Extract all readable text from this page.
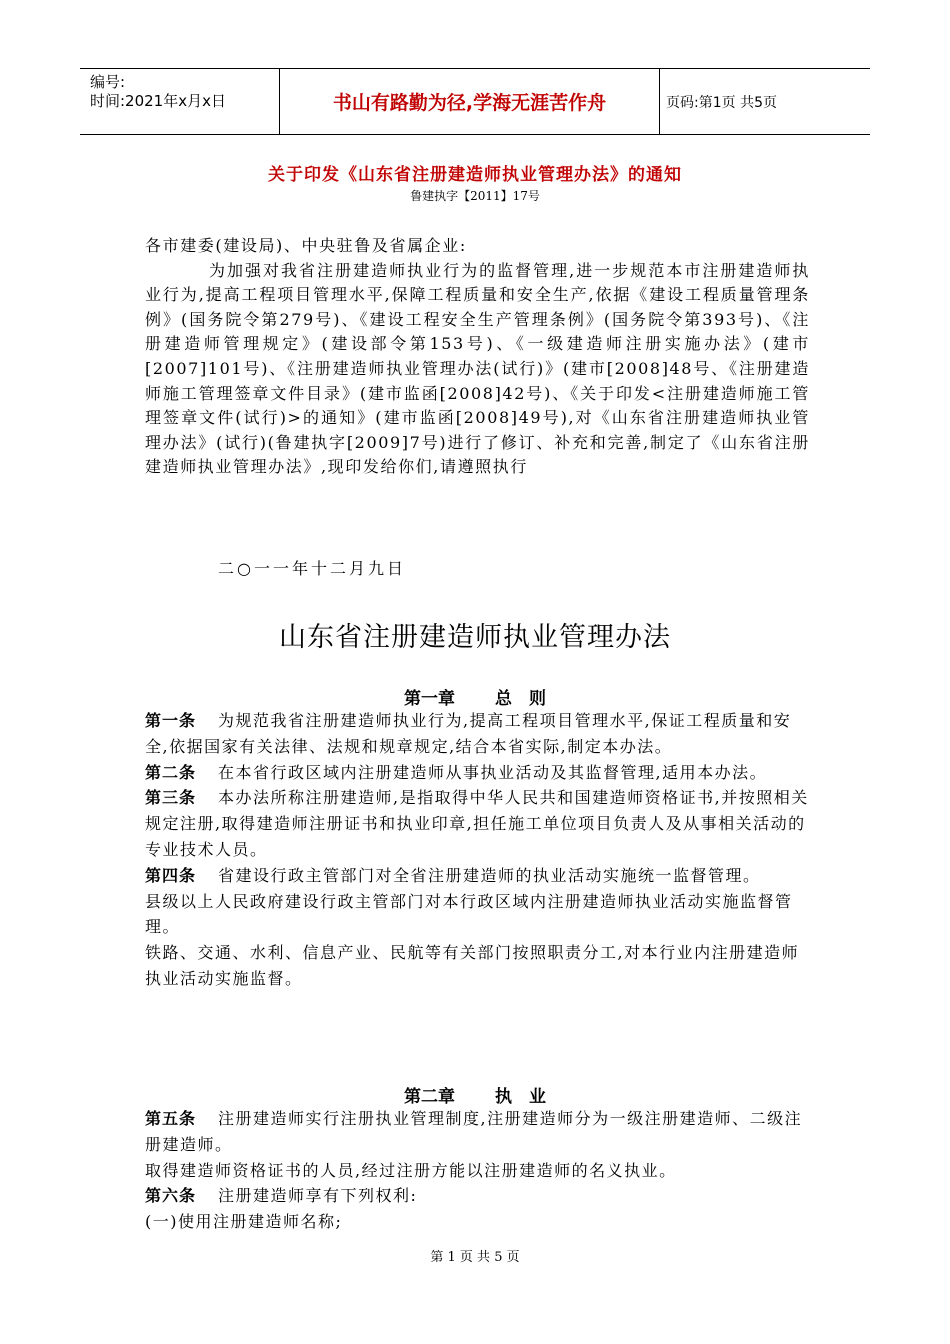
编号:
时间:2021年x月x日	书山有路勤为径,学海无涯苦作舟	页码:第1页 共5页
关于印发《山东省注册建造师执业管理办法》的通知
鲁建执字【2011】17号

各市建委(建设局)、中央驻鲁及省属企业:

为加强对我省注册建造师执业行为的监督管理,进一步规范本市注册建造师执业行为,提高工程项目管理水平,保障工程质量和安全生产,依据《建设工程质量管理条例》(国务院令第279号)、《建设工程安全生产管理条例》(国务院令第393号)、《注册建造师管理规定》(建设部令第153号)、《一级建造师注册实施办法》(建市[2007]101号)、《注册建造师执业管理办法(试行)》(建市[2008]48号、《注册建造师施工管理签章文件目录》(建市监函[2008]42号)、《关于印发<注册建造师施工管理签章文件(试行)>的通知》(建市监函[2008]49号),对《山东省注册建造师执业管理办法》(试行)(鲁建执字[2009]7号)进行了修订、补充和完善,制定了《山东省注册建造师执业管理办法》,现印发给你们,请遵照执行

二○一一年十二月九日
山东省注册建造师执业管理办法
第一章 总　则

第一条 为规范我省注册建造师执业行为,提高工程项目管理水平,保证工程质量和安全,依据国家有关法律、法规和规章规定,结合本省实际,制定本办法。

第二条 在本省行政区域内注册建造师从事执业活动及其监督管理,适用本办法。

第三条 本办法所称注册建造师,是指取得中华人民共和国建造师资格证书,并按照相关规定注册,取得建造师注册证书和执业印章,担任施工单位项目负责人及从事相关活动的专业技术人员。

第四条 省建设行政主管部门对全省注册建造师的执业活动实施统一监督管理。

县级以上人民政府建设行政主管部门对本行政区域内注册建造师执业活动实施监督管理。

铁路、交通、水利、信息产业、民航等有关部门按照职责分工,对本行业内注册建造师执业活动实施监督。

第二章 执　业

第五条 注册建造师实行注册执业管理制度,注册建造师分为一级注册建造师、二级注册建造师。

取得建造师资格证书的人员,经过注册方能以注册建造师的名义执业。

第六条 注册建造师享有下列权利:

(一)使用注册建造师名称;

第 1 页 共 5 页
